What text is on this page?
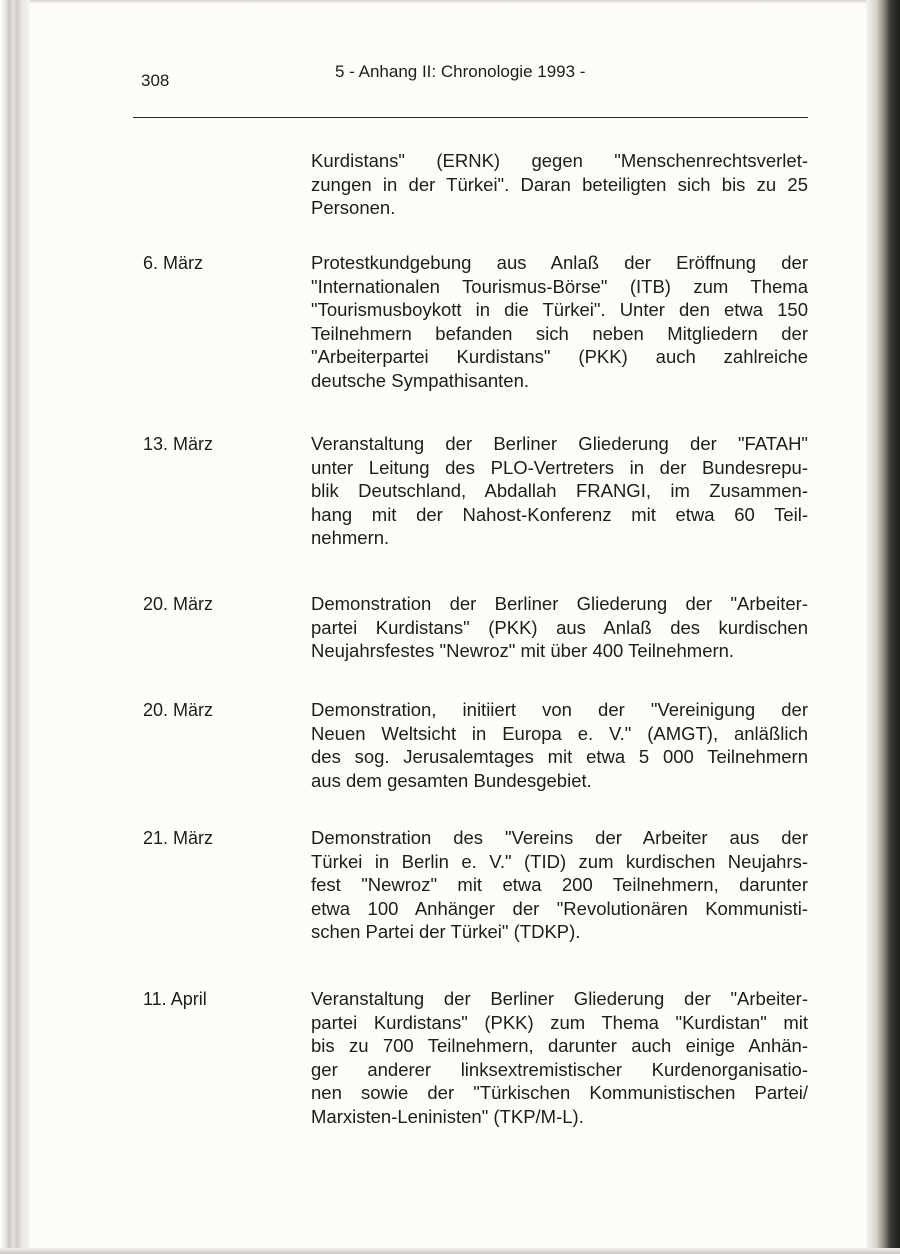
308	5 - Anhang II: Chronologie 1993 -
Kurdistans" (ERNK) gegen "Menschenrechtsverlet-
zungen in der Türkei". Daran beteiligten sich bis zu 25
Personen.
6. März	Protestkundgebung aus Anlaß der Eröffnung der
"Internationalen Tourismus-Börse" (ITB) zum Thema
"Tourismusboykott in die Türkei". Unter den etwa 150
Teilnehmern befanden sich neben Mitgliedern der
"Arbeiterpartei Kurdistans" (PKK) auch zahlreiche
deutsche Sympathisanten.
13. März	Veranstaltung der Berliner Gliederung der "FATAH"
unter Leitung des PLO-Vertreters in der Bundesrepu-
blik Deutschland, Abdallah FRANGI, im Zusammen-
hang mit der Nahost-Konferenz mit etwa 60 Teil-
nehmern.
20. März	Demonstration der Berliner Gliederung der "Arbeiter-
partei Kurdistans" (PKK) aus Anlaß des kurdischen
Neujahrsfestes "Newroz" mit über 400 Teilnehmern.
20. März	Demonstration, initiiert von der "Vereinigung der
Neuen Weltsicht in Europa e. V." (AMGT), anläßlich
des sog. Jerusalemtages mit etwa 5 000 Teilnehmern
aus dem gesamten Bundesgebiet.
21. März	Demonstration des "Vereins der Arbeiter aus der
Türkei in Berlin e. V." (TID) zum kurdischen Neujahrs-
fest "Newroz" mit etwa 200 Teilnehmern, darunter
etwa 100 Anhänger der "Revolutionären Kommunisti-
schen Partei der Türkei" (TDKP).
11. April	Veranstaltung der Berliner Gliederung der "Arbeiter-
partei Kurdistans" (PKK) zum Thema "Kurdistan" mit
bis zu 700 Teilnehmern, darunter auch einige Anhän-
ger anderer linksextremistischer Kurdenorganisatio-
nen sowie der "Türkischen Kommunistischen Partei/
Marxisten-Leninisten" (TKP/M-L).
